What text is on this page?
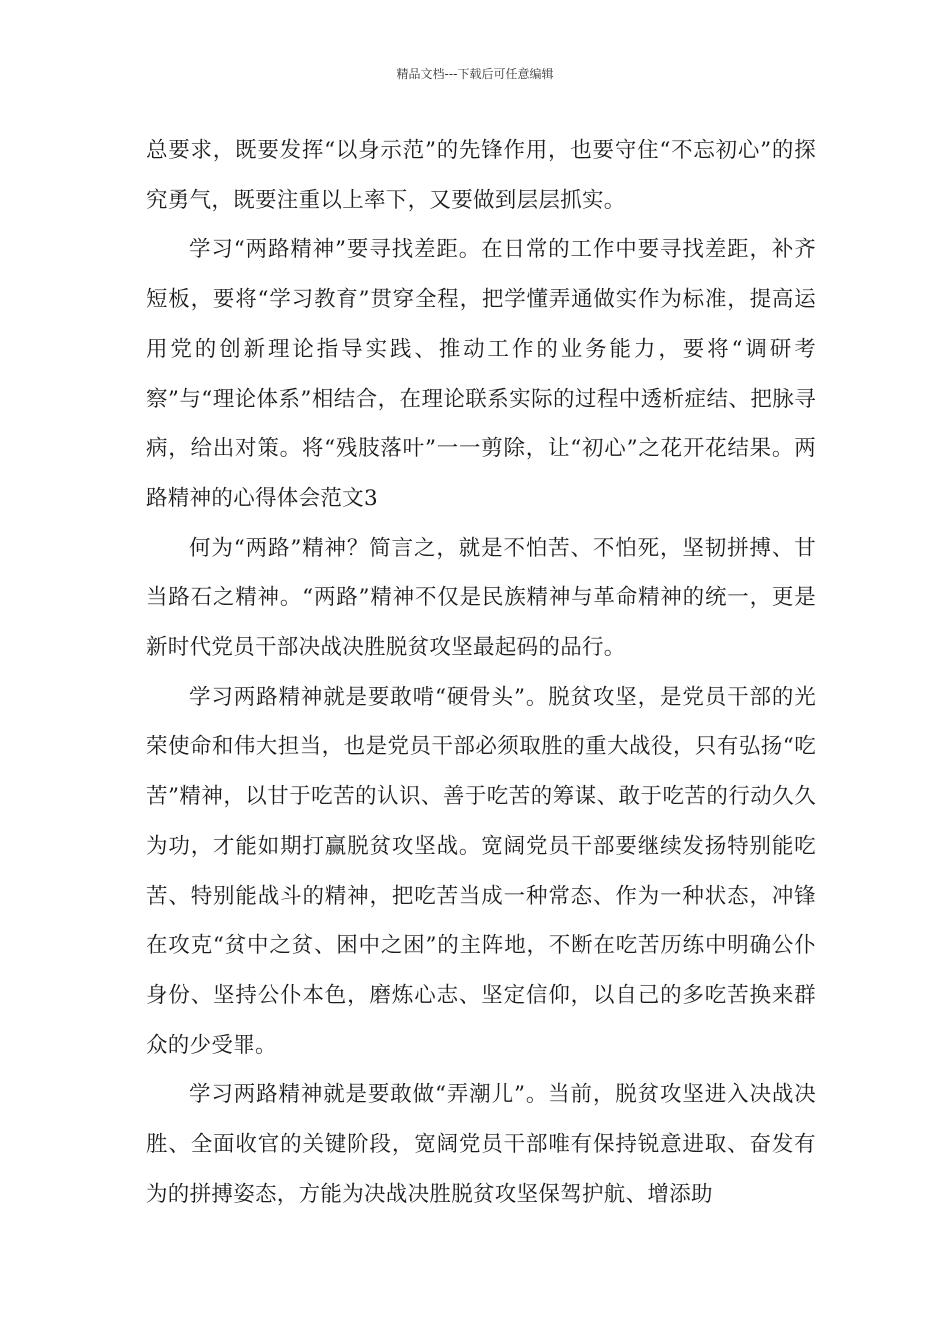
精品文档---下载后可任意编辑

总要求，既要发挥“以身示范”的先锋作用，也要守住“不忘初心”的探究勇气，既要注重以上率下，又要做到层层抓实。

学习“两路精神”要寻找差距。在日常的工作中要寻找差距，补齐短板，要将“学习教育”贯穿全程，把学懂弄通做实作为标准，提高运用党的创新理论指导实践、推动工作的业务能力，要将“调研考察”与“理论体系”相结合，在理论联系实际的过程中透析症结、把脉寻病，给出对策。将“残肢落叶”一一剪除，让“初心”之花开花结果。两路精神的心得体会范文3

何为“两路”精神？简言之，就是不怕苦、不怕死，坚韧拼搏、甘当路石之精神。“两路”精神不仅是民族精神与革命精神的统一，更是新时代党员干部决战决胜脱贫攻坚最起码的品行。

学习两路精神就是要敢啃“硬骨头”。脱贫攻坚，是党员干部的光荣使命和伟大担当，也是党员干部必须取胜的重大战役，只有弘扬“吃苦”精神，以甘于吃苦的认识、善于吃苦的筹谋、敢于吃苦的行动久久为功，才能如期打赢脱贫攻坚战。宽阔党员干部要继续发扬特别能吃苦、特别能战斗的精神，把吃苦当成一种常态、作为一种状态，冲锋在攻克“贫中之贫、困中之困”的主阵地，不断在吃苦历练中明确公仆身份、坚持公仆本色，磨炼心志、坚定信仰，以自己的多吃苦换来群众的少受罪。

学习两路精神就是要敢做“弄潮儿”。当前，脱贫攻坚进入决战决胜、全面收官的关键阶段，宽阔党员干部唯有保持锐意进取、奋发有为的拼搏姿态，方能为决战决胜脱贫攻坚保驾护航、增添助
